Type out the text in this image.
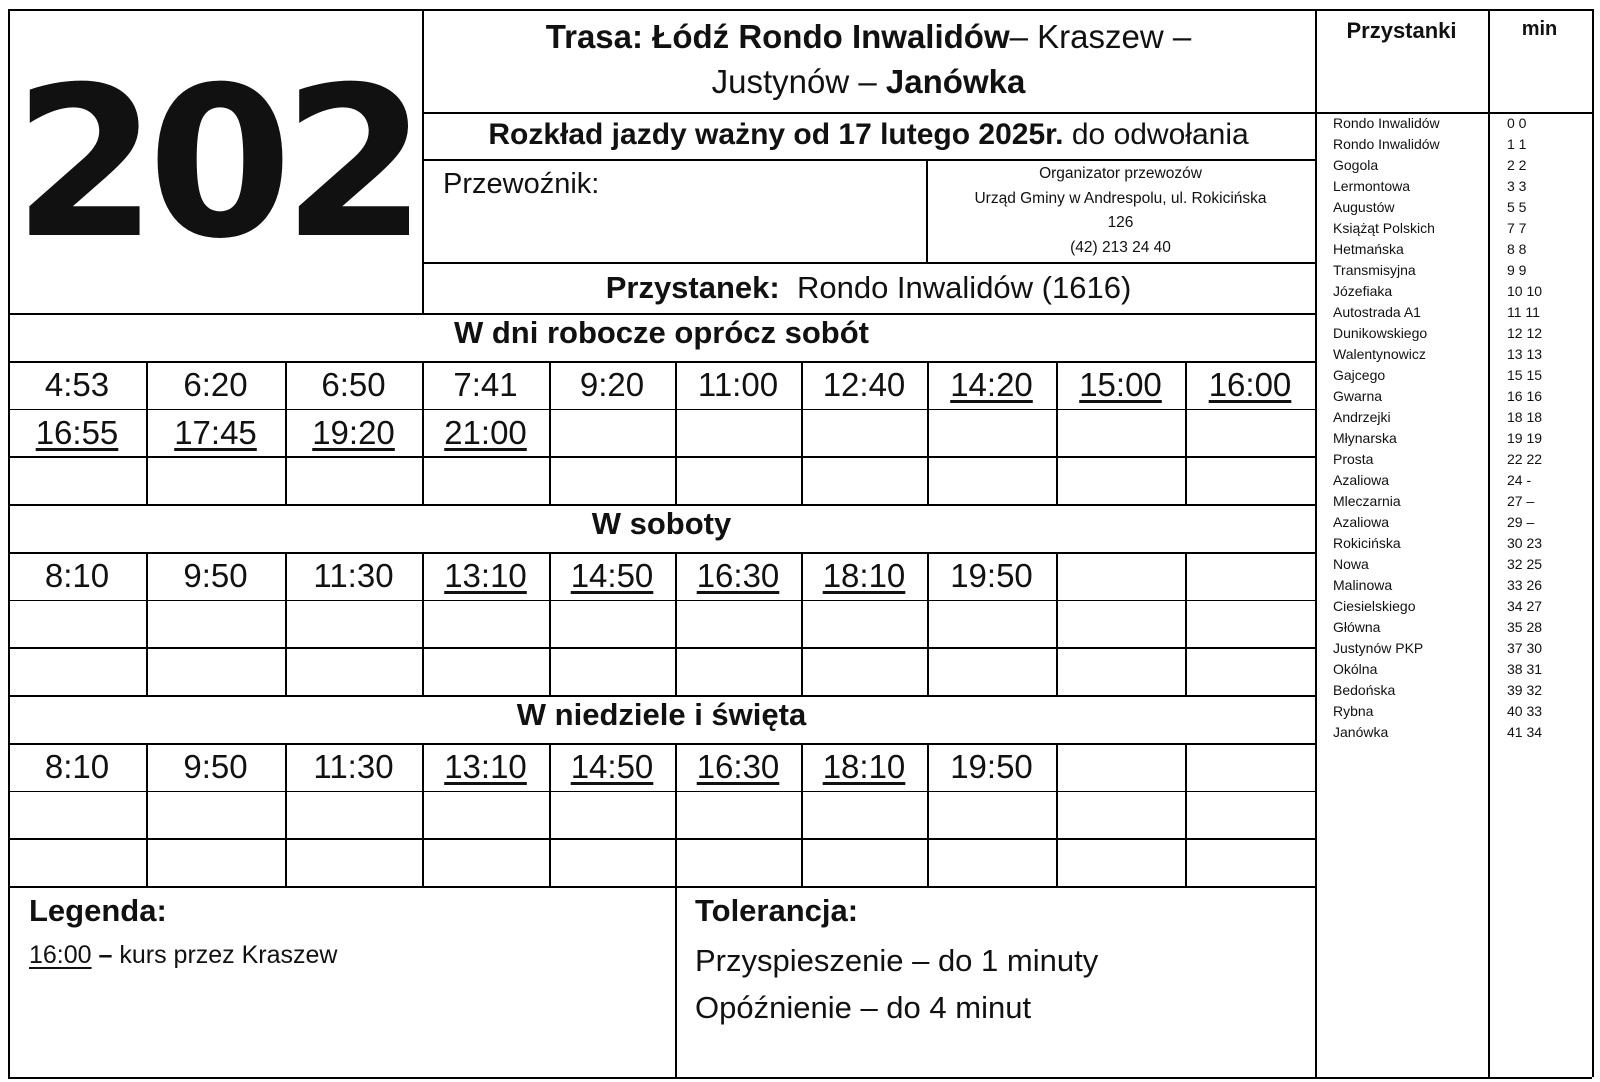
202
Trasa: Łódź Rondo Inwalidów– Kraszew –
Justynów – Janówka
Rozkład jazdy ważny od 17 lutego 2025r. do odwołania
Przewoźnik:	Organizator przewozów
Urząd Gminy w Andrespolu, ul. Rokicińska
126
(42) 213 24 40
Przystanek: Rondo Inwalidów (1616)
W dni robocze oprócz sobót
W soboty
W niedziele i święta
4:53 6:20 6:50 7:41 9:20 11:00 12:40 14:20 15:00 16:00
16:55 17:45 19:20 21:00
8:10 9:50 11:30 13:10 14:50 16:30 18:10 19:50
8:10 9:50 11:30 13:10 14:50 16:30 18:10 19:50
Legenda:
16:00 – kurs przez Kraszew
Tolerancja:
Przyspieszenie – do 1 minuty
Opóźnienie – do 4 minut
Przystanki	min
Rondo Inwalidów
Rondo Inwalidów
Gogola
Lermontowa
Augustów
Książąt Polskich
Hetmańska
Transmisyjna
Józefiaka
Autostrada A1
Dunikowskiego
Walentynowicz
Gajcego
Gwarna
Andrzejki
Młynarska
Prosta
Azaliowa
Mleczarnia
Azaliowa
Rokicińska
Nowa
Malinowa
Ciesielskiego
Główna
Justynów PKP
Okólna
Bedońska
Rybna
Janówka
0 0
1 1
2 2
3 3
5 5
7 7
8 8
9 9
10 10
11 11
12 12
13 13
15 15
16 16
18 18
19 19
22 22
24 -
27 –
29 –
30 23
32 25
33 26
34 27
35 28
37 30
38 31
39 32
40 33
41 34
